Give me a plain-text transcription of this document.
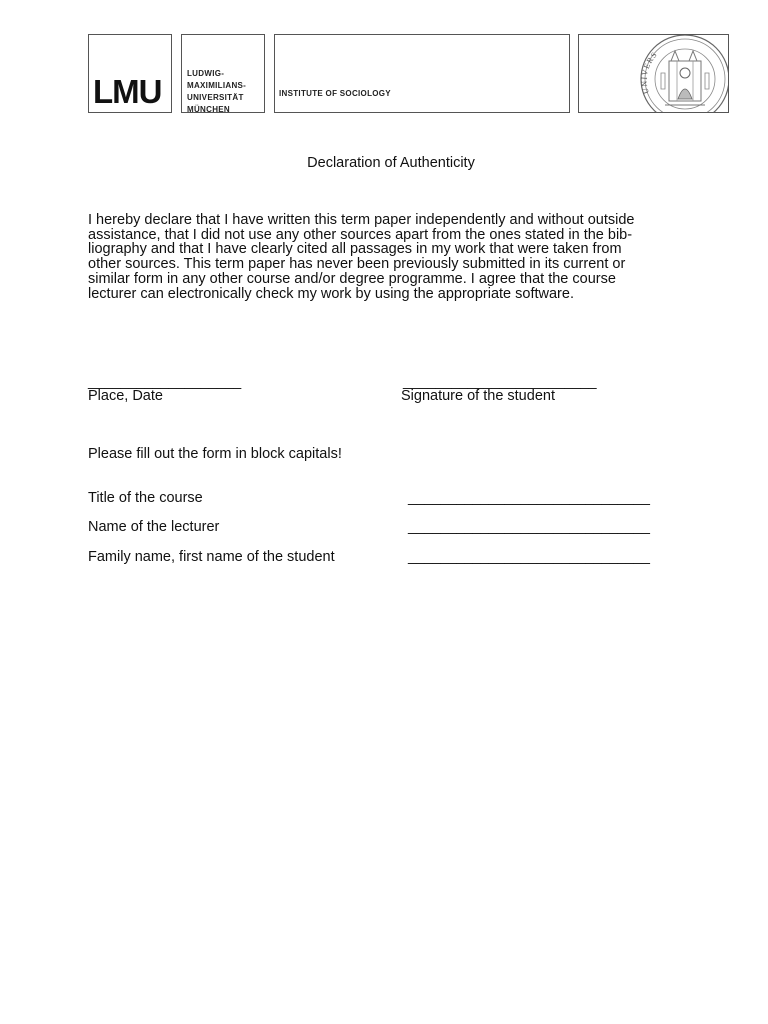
LMU	LUDWIG-
MAXIMILIANS-
UNIVERSITÄT
MÜNCHEN
INSTITUTE OF SOCIOLOGY	UNIVERS
Declaration of Authenticity
I hereby declare that I have written this term paper independently and without outside
assistance, that I did not use any other sources apart from the ones stated in the bib-
liography and that I have clearly cited all passages in my work that were taken from
other sources. This term paper has never been previously submitted in its current or
similar form in any other course and/or degree programme. I agree that the course
lecturer can electronically check my work by using the appropriate software.
___________________
Place, Date
________________________
Signature of the student
Please fill out the form in block capitals!
Title of the course	______________________________
Name of the lecturer	______________________________
Family name, first name of the student	______________________________
